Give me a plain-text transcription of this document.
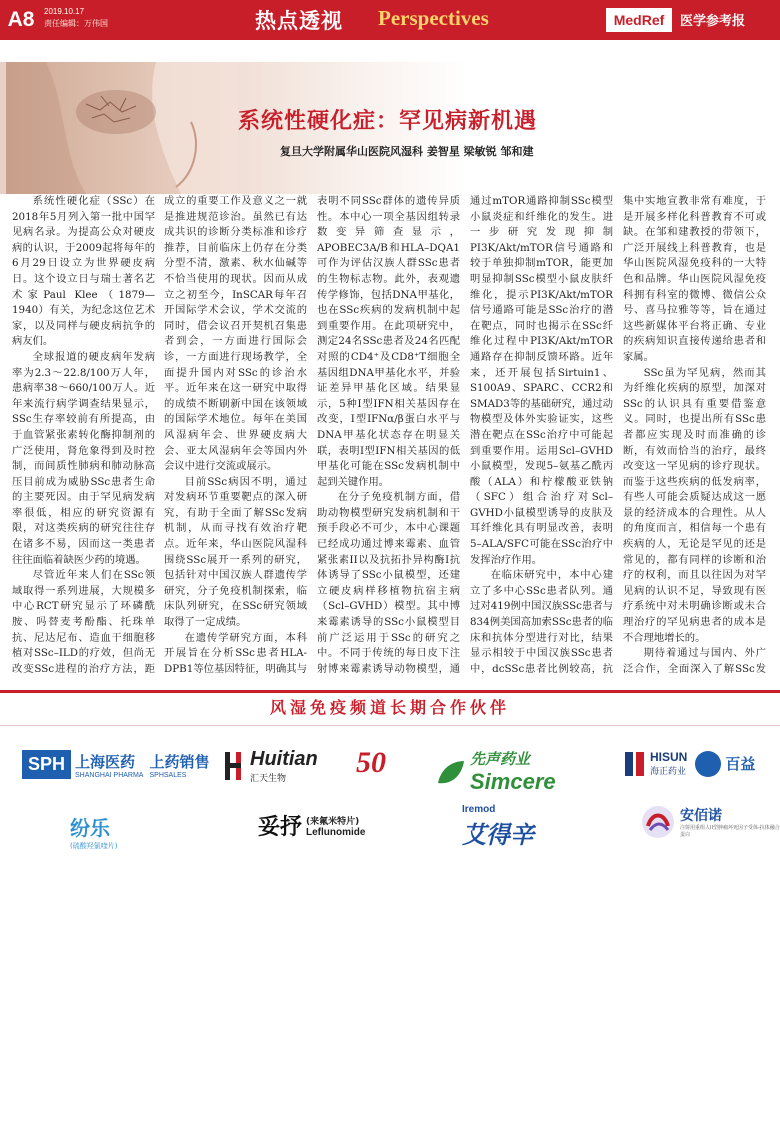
A8	2019.10.17
责任编辑：万伟国	热点透视 Perspectives	MedRef	医学参考报
系统性硬化症：罕见病新机遇
复旦大学附属华山医院风湿科 姜智星 梁敏锐 邹和建

系统性硬化症（SSc）在2018年5月列入第一批中国罕见病名录。为提高公众对硬皮病的认识，于2009起将每年的6月29日设立为世界硬皮病日。这个设立日与瑞士著名艺术家Paul Klee（1879—1940）有关，为纪念这位艺术家，以及同样与硬皮病抗争的病友们。

全球报道的硬皮病年发病率为2.3～22.8/100万人年，患病率38～660/100万人。近年来流行病学调查结果显示，SSc生存率较前有所提高，由于血管紧张素转化酶抑制剂的广泛使用，肾危象得到及时控制，而间质性肺病和肺动脉高压目前成为威胁SSc患者生命的主要死因。由于罕见病发病率很低，相应的研究资源有限，对这类疾病的研究往往存在诸多不易，因而这一类患者往往面临着缺医少药的境遇。

尽管近年来人们在SSc领域取得一系列进展，大规模多中心RCT研究显示了环磷酰胺、吗替麦考酚酯、托珠单抗、尼达尼布、造血干细胞移植对SSc–ILD的疗效，但尚无改变SSc进程的治疗方法，距

成立的重要工作及意义之一就是推进规范诊治。虽然已有达成共识的诊断分类标准和诊疗推荐，目前临床上仍存在分类分型不清，激素、秋水仙碱等不恰当使用的现状。因而从成立之初至今，InSCAR每年召开国际学术会议，学术交流的同时，借会议召开契机召集患者到会，一方面进行国际会诊，一方面进行现场教学，全面提升国内对SSc的诊治水平。近年来在这一研究中取得的成绩不断刷新中国在该领域的国际学术地位。每年在美国风湿病年会、世界硬皮病大会、亚太风湿病年会等国内外会议中进行交流或展示。

目前SSc病因不明，通过对发病环节重要靶点的深入研究，有助于全面了解SSc发病机制，从而寻找有效治疗靶点。近年来，华山医院风湿科围绕SSc展开一系列的研究，包括针对中国汉族人群遗传学研究，分子免疫机制探索，临床队列研究，在SSc研究领域取得了一定成绩。

在遗传学研究方面，本科开展旨在分析SSc患者HLA-DPB1等位基因特征，明确其与

表明不同SSc群体的遗传异质性。本中心一项全基因组转录数变异筛查显示，APOBEC3A/B和HLA–DQA1可作为评估汉族人群SSc患者的生物标志物。此外，表观遗传学修饰，包括DNA甲基化，也在SSc疾病的发病机制中起到重要作用。在此项研究中，测定24名SSc患者及24名匹配对照的CD4⁺及CD8⁺T细胞全基因组DNA甲基化水平，并验证差异甲基化区域。结果显示，5种I型IFN相关基因存在改变，I型IFNα/β蛋白水平与DNA甲基化状态存在明显关联，表明I型IFN相关基因的低甲基化可能在SSc发病机制中起到关键作用。

在分子免疫机制方面，借助动物模型研究发病机制和干预手段必不可少，本中心课题已经成功通过博来霉素、血管紧张素II以及抗拓扑异构酶I抗体诱导了SSc小鼠模型，还建立硬皮病样移植物抗宿主病（Scl–GVHD）模型。其中博来霉素诱导的SSc小鼠模型目前广泛运用于SSc的研究之中。不同于传统的每日皮下注射博来霉素诱导动物模型，通

通过mTOR通路抑制SSc模型小鼠炎症和纤维化的发生。进一步研究发现抑制PI3K/Akt/mTOR信号通路和较于单独抑制mTOR，能更加明显抑制SSc模型小鼠皮肤纤维化，提示PI3K/Akt/mTOR信号通路可能是SSc治疗的潜在靶点，同时也揭示在SSc纤维化过程中PI3K/Akt/mTOR通路存在抑制反馈环路。近年来，还开展包括Sirtuin1、S100A9、SPARC、CCR2和SMAD3等的基础研究，通过动物模型及体外实验证实，这些潜在靶点在SSc治疗中可能起到重要作用。运用Scl–GVHD小鼠模型，发现5–氨基乙酰丙酸（ALA）和柠檬酸亚铁钠（SFC）组合治疗对Scl–GVHD小鼠模型诱导的皮肤及耳纤维化具有明显改善，表明5–ALA/SFC可能在SSc治疗中发挥治疗作用。

在临床研究中，本中心建立了多中心SSc患者队列。通过对419例中国汉族SSc患者与834例美国高加索SSc患者的临床和抗体分型进行对比，结果显示相较于中国汉族SSc患者中，dcSSc患者比例较高，抗

集中实地宣教非常有难度，于是开展多样化科普教育不可或缺。在邹和建教授的带领下，广泛开展线上科普教育，也是华山医院风湿免疫科的一大特色和品牌。华山医院风湿免疫科拥有科室的微博、微信公众号、喜马拉雅等等，旨在通过这些新媒体平台将正确、专业的疾病知识直接传递给患者和家属。

SSc虽为罕见病，然而其为纤维化疾病的原型，加深对SSc的认识具有重要借鉴意义。同时，也提出所有SSc患者都应实现及时而准确的诊断，有效而恰当的治疗，最终改变这一罕见病的诊疗现状。而鉴于这些疾病的低发病率，有些人可能会质疑达成这一愿景的经济成本的合理性。从人的角度而言，相信每一个患有疾病的人，无论是罕见的还是常见的，都有同样的诊断和治疗的权利，而且以往因为对罕见病的认识不足，导致现有医疗系统中对未明确诊断或未合理治疗的罕见病患者的成本是不合理地增长的。

期待着通过与国内、外广泛合作，全面深入了解SSc发

风湿免疫频道长期合作伙伴
SPH 上海医药
SHANGHAI PHARMA
上药销售
SPHSALES
Huitian
汇天生物	50	先声药业
Simcere
HISUN
海正药业	百益
纷乐
(硫酸羟氯喹片)
妥抒 (来氟米特片)
Leflunomide
Iremod
艾得辛
安佰诺
注射用重组人II型肿瘤坏死因子受体-抗体融合蛋白
